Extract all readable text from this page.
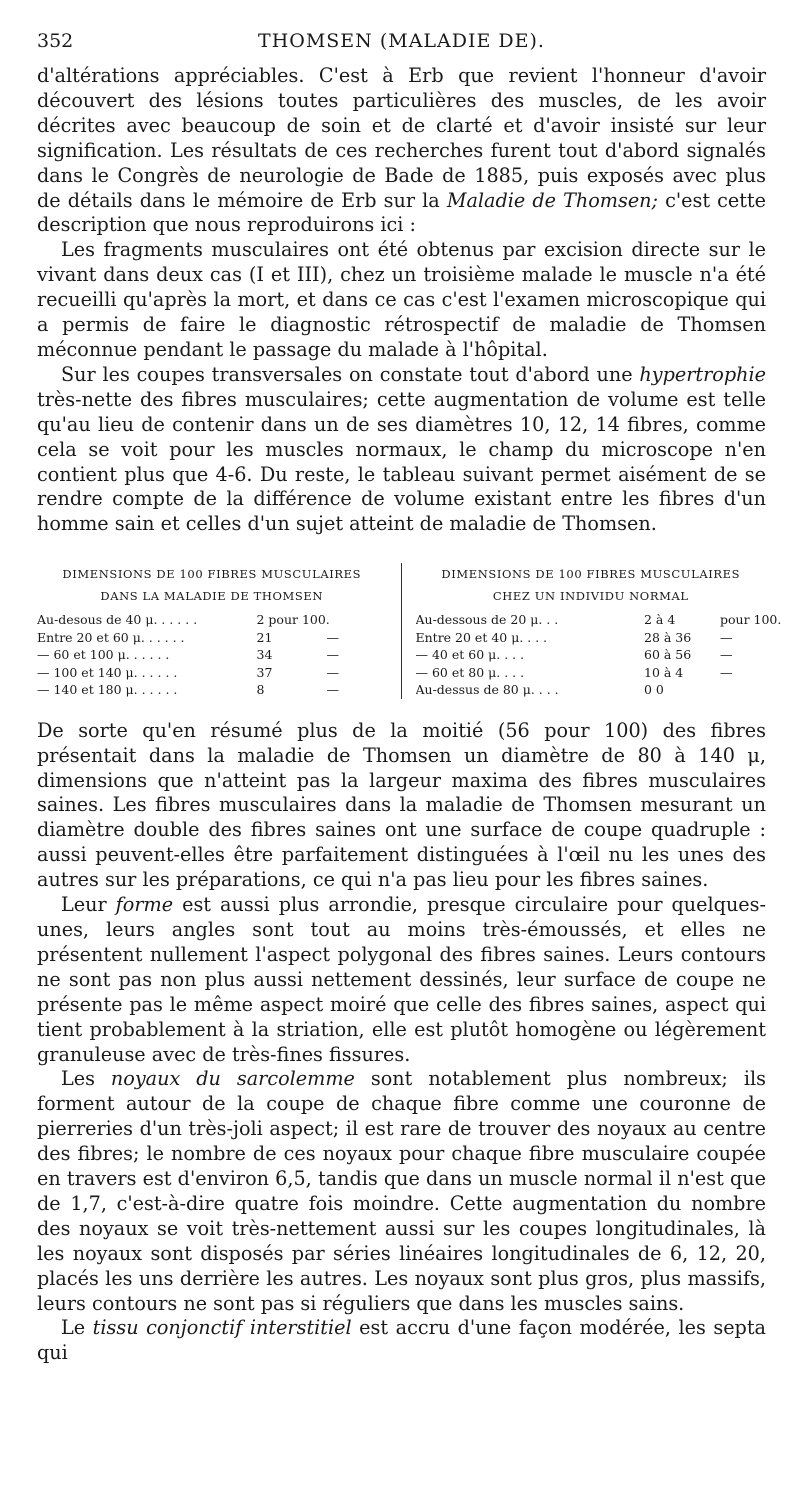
352	THOMSEN (MALADIE DE).

d'altérations appréciables. C'est à Erb que revient l'honneur d'avoir découvert des lésions toutes particulières des muscles, de les avoir décrites avec beaucoup de soin et de clarté et d'avoir insisté sur leur signification. Les résultats de ces recherches furent tout d'abord signalés dans le Congrès de neurologie de Bade de 1885, puis exposés avec plus de détails dans le mémoire de Erb sur la Maladie de Thomsen; c'est cette description que nous reproduirons ici :

Les fragments musculaires ont été obtenus par excision directe sur le vivant dans deux cas (I et III), chez un troisième malade le muscle n'a été recueilli qu'après la mort, et dans ce cas c'est l'examen microscopique qui a permis de faire le diagnostic rétrospectif de maladie de Thomsen méconnue pendant le passage du malade à l'hôpital.

Sur les coupes transversales on constate tout d'abord une hypertrophie très-nette des fibres musculaires; cette augmentation de volume est telle qu'au lieu de contenir dans un de ses diamètres 10, 12, 14 fibres, comme cela se voit pour les muscles normaux, le champ du microscope n'en contient plus que 4-6. Du reste, le tableau suivant permet aisément de se rendre compte de la différence de volume existant entre les fibres d'un homme sain et celles d'un sujet atteint de maladie de Thomsen.

DIMENSIONS DE 100 FIBRES MUSCULAIRES
DANS LA MALADIE DE THOMSEN
Au-desous de 40 μ. . . . . .	2 pour 100.
Entre 20 et 60 μ. . . . . .	21	—
— 60 et 100 μ. . . . . .	34	—
— 100 et 140 μ. . . . . .	37	—
— 140 et 180 μ. . . . . .	8	—
DIMENSIONS DE 100 FIBRES MUSCULAIRES
CHEZ UN INDIVIDU NORMAL
Au-dessous de 20 μ. . .	2 à 4	pour 100.
Entre 20 et 40 μ. . . .	28 à 36	—
— 40 et 60 μ. . . .	60 à 56	—
— 60 et 80 μ. . . .	10 à 4	—
Au-dessus de 80 μ. . . .	0 0

De sorte qu'en résumé plus de la moitié (56 pour 100) des fibres présentait dans la maladie de Thomsen un diamètre de 80 à 140 μ, dimensions que n'atteint pas la largeur maxima des fibres musculaires saines. Les fibres musculaires dans la maladie de Thomsen mesurant un diamètre double des fibres saines ont une surface de coupe quadruple : aussi peuvent-elles être parfaitement distinguées à l'œil nu les unes des autres sur les préparations, ce qui n'a pas lieu pour les fibres saines.

Leur forme est aussi plus arrondie, presque circulaire pour quelques-unes, leurs angles sont tout au moins très-émoussés, et elles ne présentent nullement l'aspect polygonal des fibres saines. Leurs contours ne sont pas non plus aussi nettement dessinés, leur surface de coupe ne présente pas le même aspect moiré que celle des fibres saines, aspect qui tient probablement à la striation, elle est plutôt homogène ou légèrement granuleuse avec de très-fines fissures.

Les noyaux du sarcolemme sont notablement plus nombreux; ils forment autour de la coupe de chaque fibre comme une couronne de pierreries d'un très-joli aspect; il est rare de trouver des noyaux au centre des fibres; le nombre de ces noyaux pour chaque fibre musculaire coupée en travers est d'environ 6,5, tandis que dans un muscle normal il n'est que de 1,7, c'est-à-dire quatre fois moindre. Cette augmentation du nombre des noyaux se voit très-nettement aussi sur les coupes longitudinales, là les noyaux sont disposés par séries linéaires longitudinales de 6, 12, 20, placés les uns derrière les autres. Les noyaux sont plus gros, plus massifs, leurs contours ne sont pas si réguliers que dans les muscles sains.

Le tissu conjonctif interstitiel est accru d'une façon modérée, les septa qui
